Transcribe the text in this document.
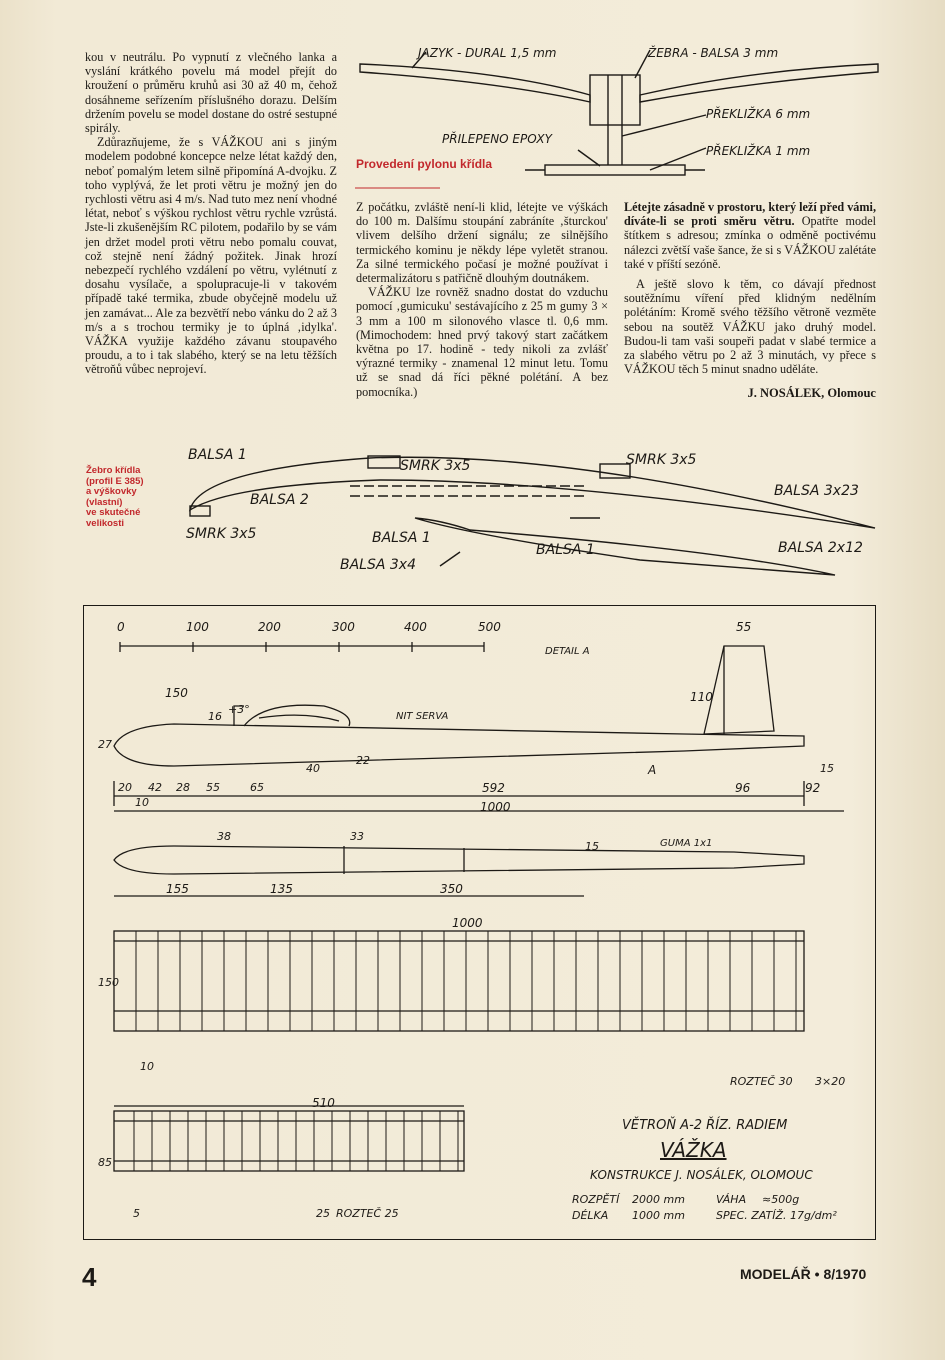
kou v neutrálu. Po vypnutí z vlečného lanka a vyslání krátkého povelu má model přejít do kroužení o průměru kruhů asi 30 až 40 m, čehož dosáhneme seřízením příslušného dorazu. Delším držením povelu se model dostane do ostré sestupné spirály.

Zdůrazňujeme, že s VÁŽKOU ani s jiným modelem podobné koncepce nelze létat každý den, neboť pomalým letem silně připomíná A-dvojku. Z toho vyplývá, že let proti větru je možný jen do rychlosti větru asi 4 m/s. Nad tuto mez není vhodné létat, neboť s výškou rychlost větru rychle vzrůstá. Jste-li zkušenějším RC pilotem, podařilo by se vám jen držet model proti větru nebo pomalu couvat, což stejně není žádný požitek. Jinak hrozí nebezpečí rychlého vzdálení po větru, vylétnutí z dosahu vysílače, a spolupracuje-li v takovém případě také termika, zbude obyčejně modelu už jen zamávat... Ale za bezvětří nebo vánku do 2 až 3 m/s a s trochou termiky je to úplná ‚idylka'. VÁŽKA využije každého závanu stoupavého proudu, a to i tak slabého, který se na letu těžších větroňů vůbec neprojeví.

Z počátku, zvláště není-li klid, létejte ve výškách do 100 m. Dalšímu stoupání zabráníte ‚šturckou' vlivem delšího držení signálu; ze silnějšího termického kominu je někdy lépe vyletět stranou. Za silné termického počasí je možné používat i determalizátoru s patřičně dlouhým doutnákem.

VÁŽKU lze rovněž snadno dostat do vzduchu pomocí ‚gumicuku' sestávajícího z 25 m gumy 3 × 3 mm a 100 m silonového vlasce tl. 0,6 mm. (Mimochodem: hned prvý takový start začátkem května po 17. hodině - tedy nikoli za zvlášť výrazné termiky - znamenal 12 minut letu. Tomu už se snad dá říci pěkné polétání. A bez pomocníka.)

Létejte zásadně v prostoru, který leží před vámi, díváte-li se proti směru větru. Opatřte model štítkem s adresou; zmínka o odměně poctivému nálezci zvětší vaše šance, že si s VÁŽKOU zalétáte také v příští sezóně.

A ještě slovo k těm, co dávají přednost soutěžnímu víření před klidným nedělním polétáním: Kromě svého těžšího větroně vezměte sebou na soutěž VÁŽKU jako druhý model. Budou-li tam vaši soupeři padat v slabé termice a za slabého větru po 2 až 3 minutách, vy přece s VÁŽKOU těch 5 minut snadno uděláte.

J. NOSÁLEK, Olomouc
Provedení pylonu křídla
JAZYK - DURAL 1,5 mm	ŽEBRA - BALSA 3 mm
PŘEKLIŽKA 6 mm
PŘEKLIŽKA 1 mm
PŘILEPENO EPOXY
Žebro křídla
(profil E 385)
a výškovky
(vlastní)
ve skutečné
velikosti
BALSA 1
BALSA 2
SMRK 3x5	SMRK 3x5
SMRK 3x5
BALSA 3x23
BALSA 1
BALSA 1
BALSA 3x4
BALSA 2x12
0	100	200	300	400	500	55
DETAIL A
110
150
+3°
16	NIT SERVA
27
40
22
A	15
20 42 28 55	65
10
592	96	92
1000
38	33
15	GUMA 1x1
155	135	350
1000
150
10
ROZTEČ 30 3×20
510
85
5	25 ROZTEČ 25
VĚTROŇ A-2 ŘÍZ. RADIEM
VÁŽKA
KONSTRUKCE J. NOSÁLEK, OLOMOUC
ROZPĚTÍ 2000 mm
DÉLKA 1000 mm
VÁHA ≈500g
SPEC. ZATÍŽ. 17g/dm²
4	MODELÁŘ • 8/1970
